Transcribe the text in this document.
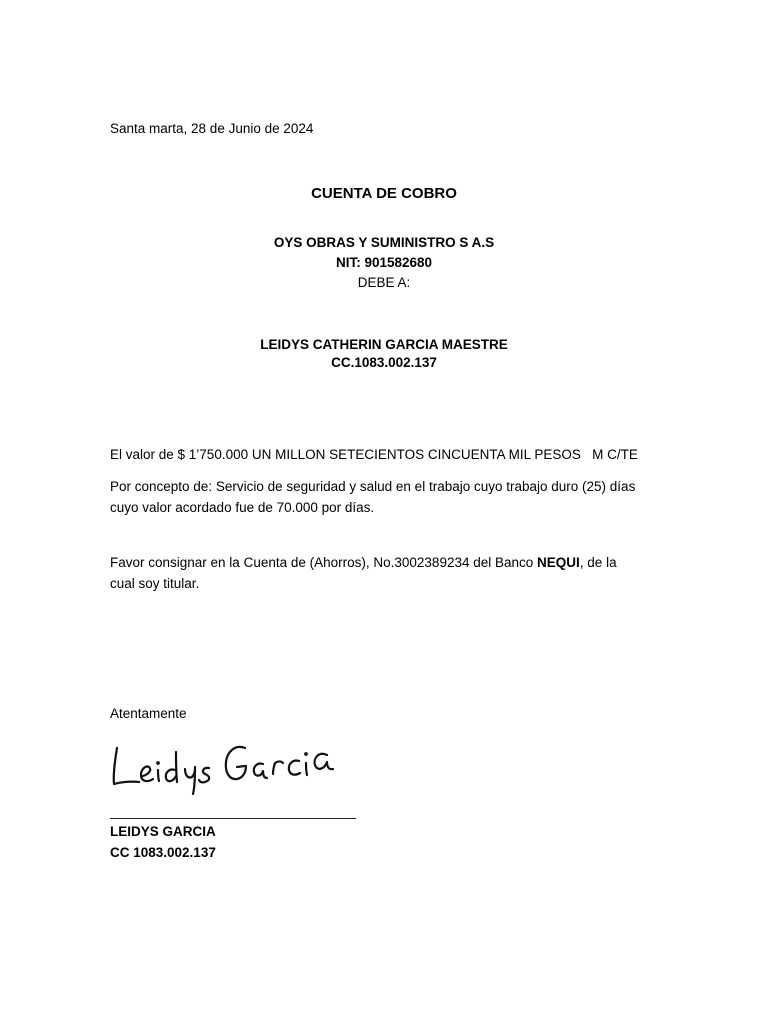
Santa marta, 28 de Junio de 2024
CUENTA DE COBRO
OYS OBRAS Y SUMINISTRO S A.S
NIT: 901582680
DEBE A:
LEIDYS CATHERIN GARCIA MAESTRE
CC.1083.002.137
El valor de $ 1’750.000 UN MILLON SETECIENTOS CINCUENTA MIL PESOS   M C/TE
Por concepto de: Servicio de seguridad y salud en el trabajo cuyo trabajo duro (25) días
cuyo valor acordado fue de 70.000 por días.
Favor consignar en la Cuenta de (Ahorros), No.3002389234 del Banco NEQUI, de la
cual soy titular.
Atentamente
LEIDYS GARCIA
CC 1083.002.137
